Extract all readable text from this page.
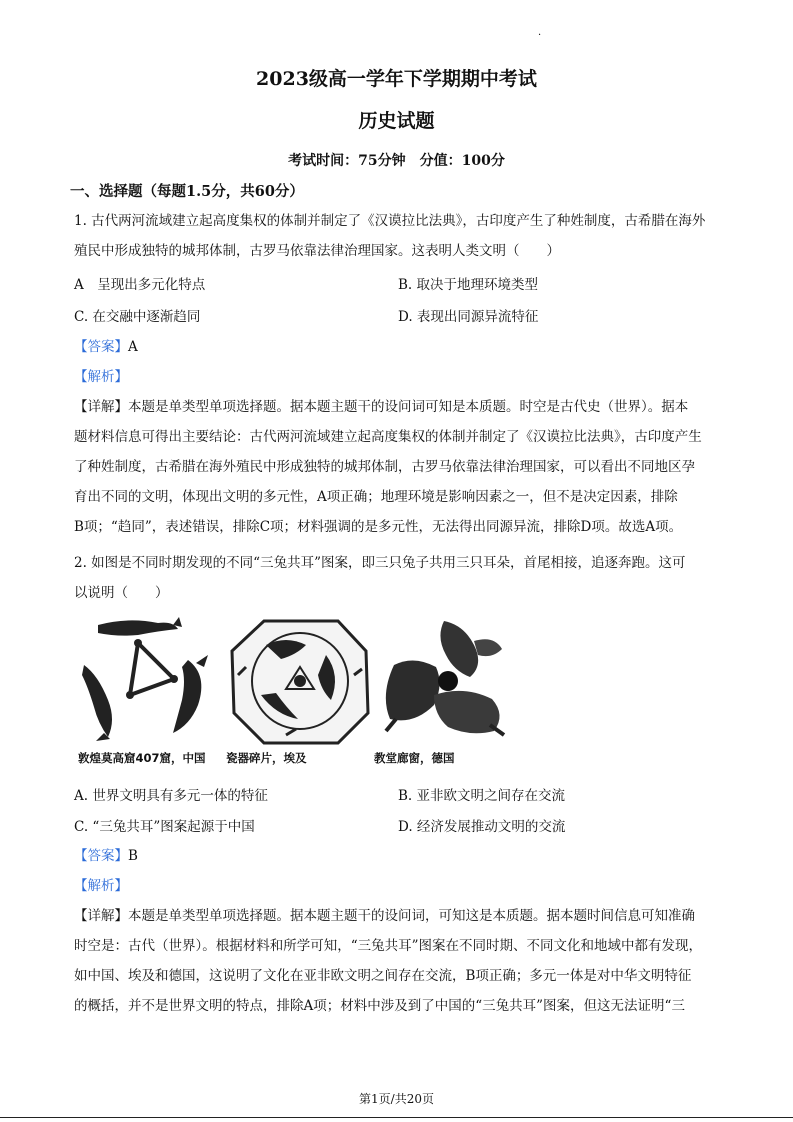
·
2023级高一学年下学期期中考试
历史试题
考试时间：75分钟　分值：100分
一、选择题（每题1.5分，共60分）

1. 古代两河流域建立起高度集权的体制并制定了《汉谟拉比法典》，古印度产生了种姓制度，古希腊在海外

殖民中形成独特的城邦体制，古罗马依靠法律治理国家。这表明人类文明（　　）

A　呈现出多元化特点	B. 取决于地理环境类型
C. 在交融中逐渐趋同	D. 表现出同源异流特征
【答案】A
【解析】

【详解】本题是单类型单项选择题。据本题主题干的设问词可知是本质题。时空是古代史（世界）。据本

题材料信息可得出主要结论：古代两河流域建立起高度集权的体制并制定了《汉谟拉比法典》，古印度产生

了种姓制度，古希腊在海外殖民中形成独特的城邦体制，古罗马依靠法律治理国家，可以看出不同地区孕

育出不同的文明，体现出文明的多元性，A项正确；地理环境是影响因素之一，但不是决定因素，排除

B项；“趋同”，表述错误，排除C项；材料强调的是多元性，无法得出同源异流，排除D项。故选A项。

2. 如图是不同时期发现的不同“三兔共耳”图案，即三只兔子共用三只耳朵，首尾相接，追逐奔跑。这可

以说明（　　）

敦煌莫高窟407窟，中国	瓷器碎片，埃及	教堂廊窗，德国
A. 世界文明具有多元一体的特征	B. 亚非欧文明之间存在交流
C. “三兔共耳”图案起源于中国	D. 经济发展推动文明的交流
【答案】B
【解析】

【详解】本题是单类型单项选择题。据本题主题干的设问词，可知这是本质题。据本题时间信息可知准确

时空是：古代（世界）。根据材料和所学可知，“三兔共耳”图案在不同时期、不同文化和地域中都有发现，

如中国、埃及和德国，这说明了文化在亚非欧文明之间存在交流，B项正确；多元一体是对中华文明特征

的概括，并不是世界文明的特点，排除A项；材料中涉及到了中国的“三兔共耳”图案，但这无法证明“三

第1页/共20页
